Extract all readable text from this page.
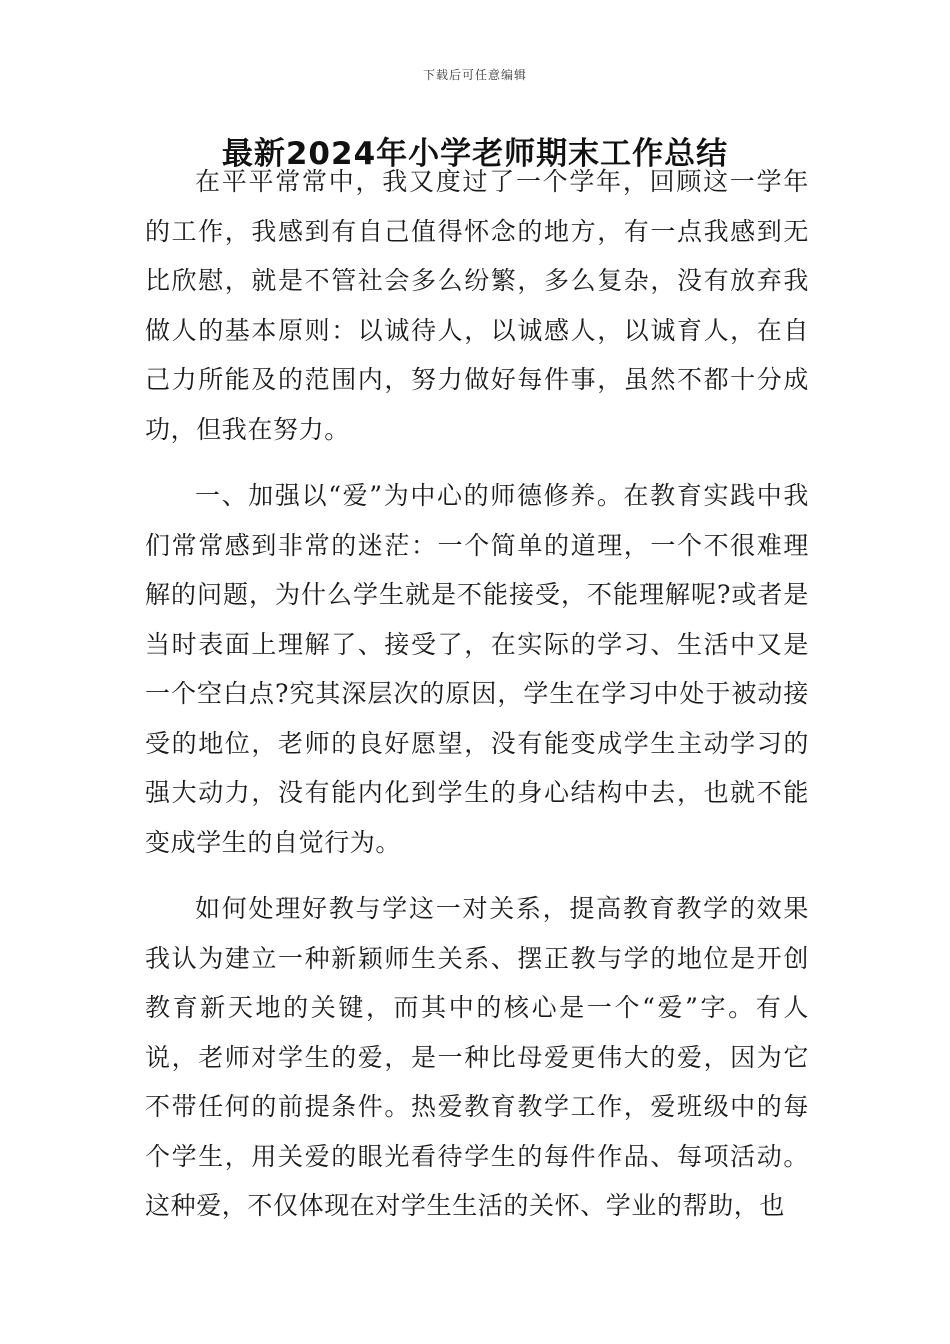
下载后可任意编辑
最新2024年小学老师期末工作总结

在平平常常中，我又度过了一个学年，回顾这一学年的工作，我感到有自己值得怀念的地方，有一点我感到无比欣慰，就是不管社会多么纷繁，多么复杂，没有放弃我做人的基本原则：以诚待人，以诚感人，以诚育人，在自己力所能及的范围内，努力做好每件事，虽然不都十分成功，但我在努力。

一、加强以“爱”为中心的师德修养。在教育实践中我们常常感到非常的迷茫：一个简单的道理，一个不很难理解的问题，为什么学生就是不能接受，不能理解呢?或者是当时表面上理解了、接受了，在实际的学习、生活中又是一个空白点?究其深层次的原因，学生在学习中处于被动接受的地位，老师的良好愿望，没有能变成学生主动学习的强大动力，没有能内化到学生的身心结构中去，也就不能变成学生的自觉行为。

如何处理好教与学这一对关系，提高教育教学的效果我认为建立一种新颖师生关系、摆正教与学的地位是开创教育新天地的关键，而其中的核心是一个“爱”字。有人说，老师对学生的爱，是一种比母爱更伟大的爱，因为它不带任何的前提条件。热爱教育教学工作，爱班级中的每个学生，用关爱的眼光看待学生的每件作品、每项活动。这种爱，不仅体现在对学生生活的关怀、学业的帮助，也
